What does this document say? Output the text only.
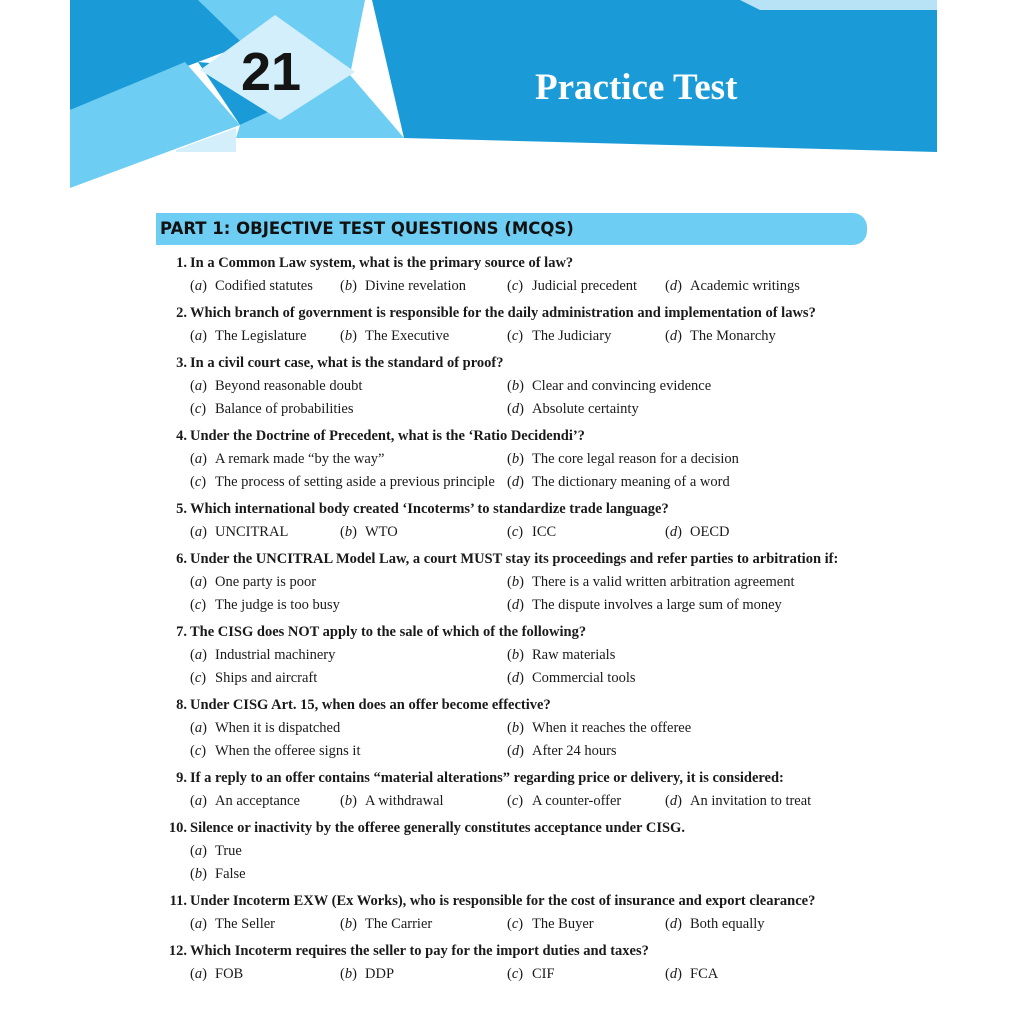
21	Practice Test
PART 1: OBJECTIVE TEST QUESTIONS (MCQS)
1. In a Common Law system, what is the primary source of law?
(a) Codified statutes	(b) Divine revelation	(c) Judicial precedent	(d) Academic writings
2. Which branch of government is responsible for the daily administration and implementation of laws?
(a) The Legislature	(b) The Executive	(c) The Judiciary	(d) The Monarchy
3. In a civil court case, what is the standard of proof?
(a) Beyond reasonable doubt	(b) Clear and convincing evidence
(c) Balance of probabilities	(d) Absolute certainty
4. Under the Doctrine of Precedent, what is the ‘Ratio Decidendi’?
(a) A remark made “by the way”	(b) The core legal reason for a decision
(c) The process of setting aside a previous principle (d) The dictionary meaning of a word
5. Which international body created ‘Incoterms’ to standardize trade language?
(a) UNCITRAL	(b) WTO	(c) ICC	(d) OECD
6. Under the UNCITRAL Model Law, a court MUST stay its proceedings and refer parties to arbitration if:
(a) One party is poor	(b) There is a valid written arbitration agreement
(c) The judge is too busy	(d) The dispute involves a large sum of money
7. The CISG does NOT apply to the sale of which of the following?
(a) Industrial machinery	(b) Raw materials
(c) Ships and aircraft	(d) Commercial tools
8. Under CISG Art. 15, when does an offer become effective?
(a) When it is dispatched	(b) When it reaches the offeree
(c) When the offeree signs it	(d) After 24 hours
9. If a reply to an offer contains “material alterations” regarding price or delivery, it is considered:
(a) An acceptance	(b) A withdrawal	(c) A counter-offer	(d) An invitation to treat
10. Silence or inactivity by the offeree generally constitutes acceptance under CISG.
(a) True
(b) False
11. Under Incoterm EXW (Ex Works), who is responsible for the cost of insurance and export clearance?
(a) The Seller	(b) The Carrier	(c) The Buyer	(d) Both equally
12. Which Incoterm requires the seller to pay for the import duties and taxes?
(a) FOB	(b) DDP	(c) CIF	(d) FCA
